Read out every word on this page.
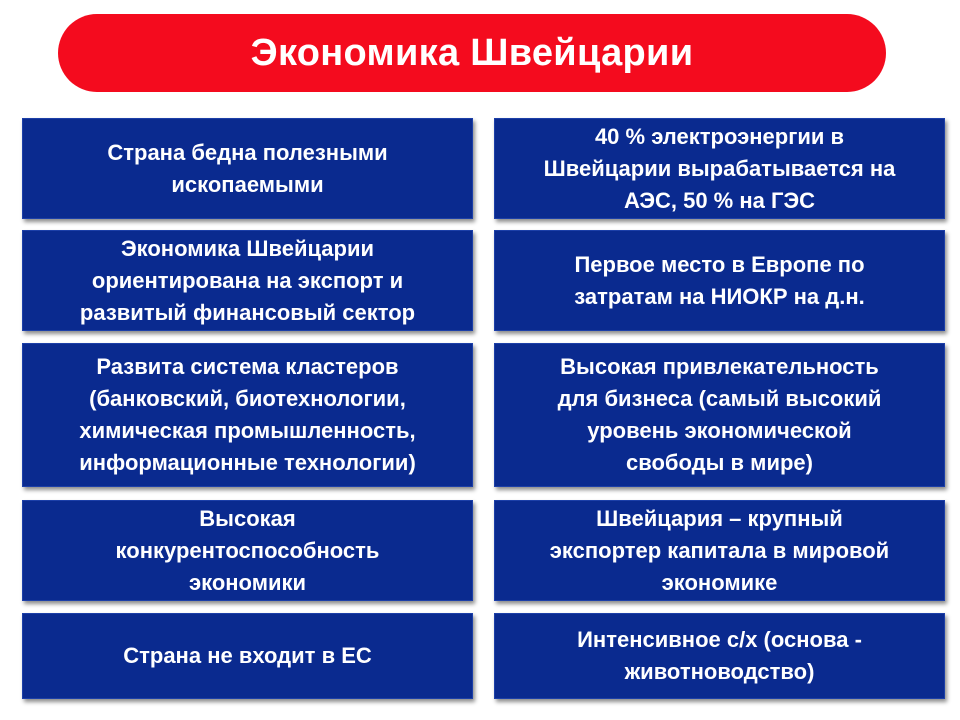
Экономика Швейцарии
Страна бедна полезными
ископаемыми
Экономика Швейцарии
ориентирована на экспорт и
развитый финансовый сектор
Развита система кластеров
(банковский, биотехнологии,
химическая промышленность,
информационные технологии)
Высокая
конкурентоспособность
экономики
Страна не входит в ЕС
40 % электроэнергии в
Швейцарии вырабатывается на
АЭС, 50 % на ГЭС
Первое место в Европе по
затратам на НИОКР на д.н.
Высокая привлекательность
для бизнеса (самый высокий
уровень экономической
свободы в мире)
Швейцария – крупный
экспортер капитала в мировой
экономике
Интенсивное с/х (основа -
животноводство)
